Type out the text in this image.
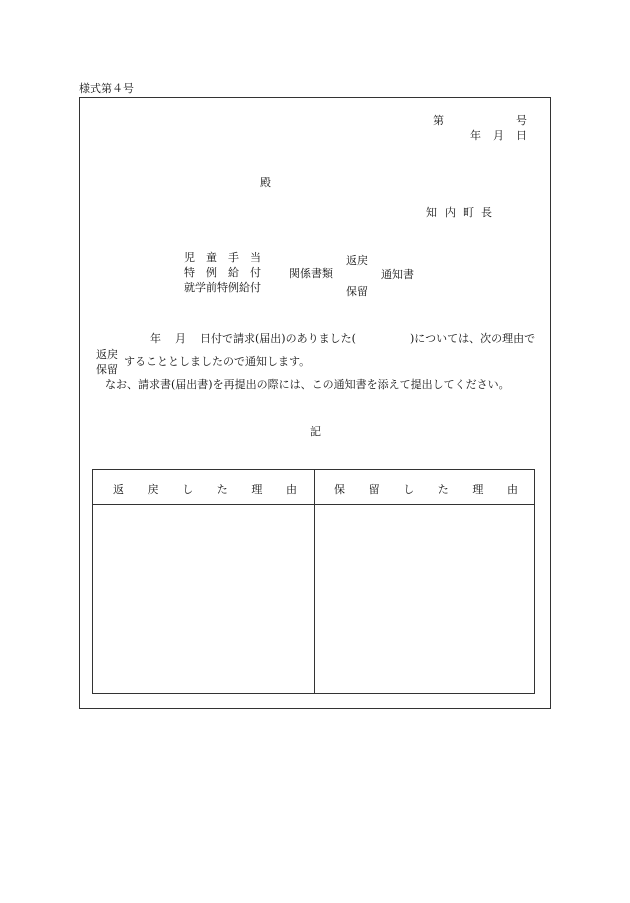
様式第４号
第	号
年 月 日
殿
知 内 町 長
児 童 手 当
特 例 給 付
就学前特例給付
関係書類
返戻
保留
通知書
年 月 日付で請求(届出)のありました(	)については、次の理由で
返戻
保留
することとしましたので通知します。
なお、請求書(届出書)を再提出の際には、この通知書を添えて提出してください。
記
返 戻 し た 理 由	保 留 し た 理 由
